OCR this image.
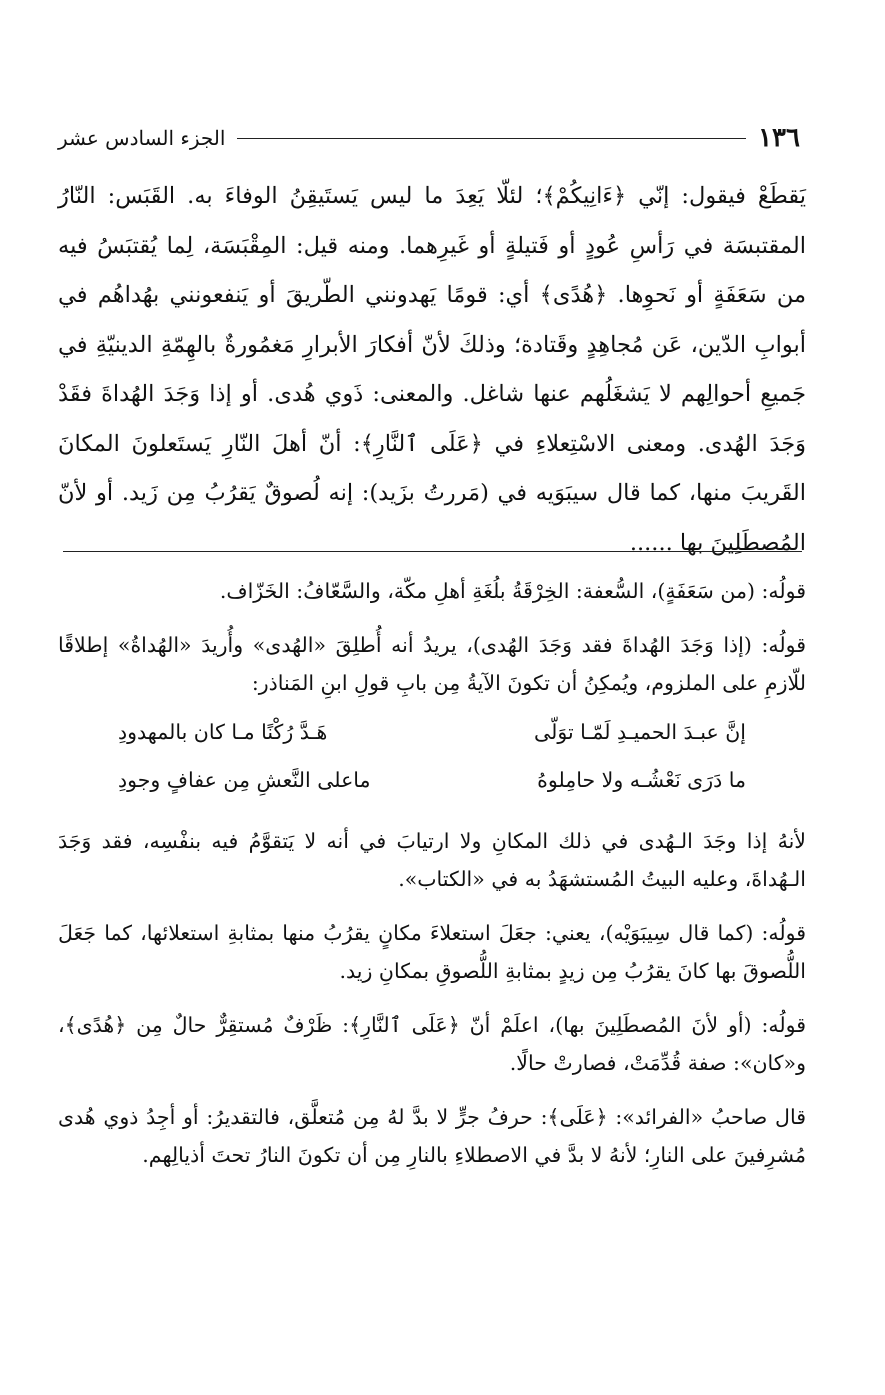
١٣٦
الجزء السادس عشر

يَقطَعْ فيقول: إنّي ﴿ءَانِيكُمْ﴾؛ لئلّا يَعِدَ ما ليس يَستَيقِنُ الوفاءَ به. القَبَس: النّارُ المقتبسَة في رَأسِ عُودٍ أو فَتيلةٍ أو غَيرِهما. ومنه قيل: المِقْبَسَة، لِما يُقتبَسُ فيه من سَعَفَةٍ أو نَحوِها. ﴿هُدًى﴾ أي: قومًا يَهدونني الطّريقَ أو يَنفعونني بهُداهُم في أبوابِ الدّين، عَن مُجاهِدٍ وقَتادة؛ وذلكَ لأنّ أفكارَ الأبرارِ مَغمُورةٌ بالهِمّةِ الدينيّةِ في جَميعِ أحوالِهم لا يَشغَلُهم عنها شاغل. والمعنى: ذَوي هُدى. أو إذا وَجَدَ الهُداةَ فقَدْ وَجَدَ الهُدى. ومعنى الاسْتِعلاءِ في ﴿عَلَى ٱلنَّارِ﴾: أنّ أهلَ النّارِ يَستَعلونَ المكانَ القَريبَ منها، كما قال سيبَوَيه في (مَررتُ بزَيد): إنه لُصوقٌ يَقرُبُ مِن زَيد. أو لأنّ المُصطَلِينَ بها ......

قولُه: (من سَعَفَةٍ)، السُّعفة: الخِرْقَةُ بلُغَةِ أهلِ مكّة، والسَّعّافُ: الخَزّاف.

قولُه: (إذا وَجَدَ الهُداةَ فقد وَجَدَ الهُدى)، يريدُ أنه أُطلِقَ «الهُدى» وأُريدَ «الهُداةُ» إطلاقًا للّازمِ على الملزوم، ويُمكِنُ أن تكونَ الآيةُ مِن بابِ قولِ ابنِ المَناذر:

إنَّ عبـدَ الحميـدِ لَمّـا توَلّى
هَـدَّ رُكْنًا مـا كان بالمهدودِ
ما دَرَى نَعْشُـه ولا حامِلوهُ
ماعلى النَّعشِ مِن عفافٍ وجودِ

لأنهُ إذا وجَدَ الـهُدى في ذلك المكانِ ولا ارتيابَ في أنه لا يَتقوَّمُ فيه بنفْسِه، فقد وَجَدَ الـهُداةَ، وعليه البيتُ المُستشهَدُ به في «الكتاب».

قولُه: (كما قال سِيبَوَيْه)، يعني: جعَلَ استعلاءَ مكانٍ يقرُبُ منها بمثابةِ استعلائها، كما جَعَلَ اللُّصوقَ بها كانَ يقرُبُ مِن زيدٍ بمثابةِ اللُّصوقِ بمكانِ زيد.

قولُه: (أو لأنَ المُصطَلِينَ بها)، اعلَمْ أنّ ﴿عَلَى ٱلنَّارِ﴾: ظَرْفٌ مُستقِرٌّ حالٌ مِن ﴿هُدًى﴾، و«كان»: صفة قُدِّمَتْ، فصارتْ حالًا.

قال صاحبُ «الفرائد»: ﴿عَلَى﴾: حرفُ جرٍّ لا بدَّ لهُ مِن مُتعلَّق، فالتقديرُ: أو أجِدُ ذوي هُدى مُشرِفينَ على النارِ؛ لأنهُ لا بدَّ في الاصطلاءِ بالنارِ مِن أن تكونَ النارُ تحتَ أذيالِهم.
